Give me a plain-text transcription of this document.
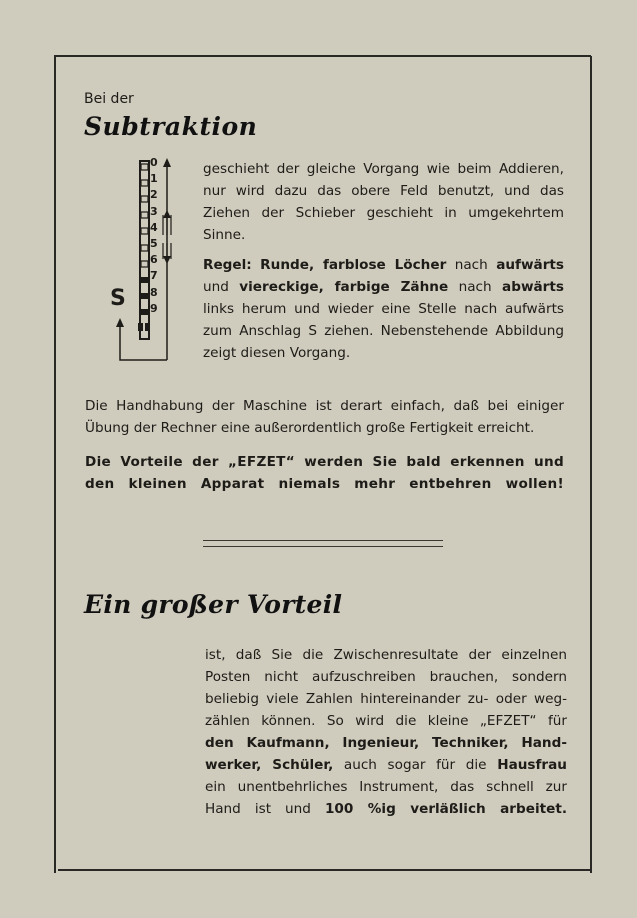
Bei der
Subtraktion
0
1
2
3
4
5
6
7
8
9
S
geschieht der gleiche Vorgang wie beim Addieren,
nur wird dazu das obere Feld benutzt, und das
Ziehen der Schieber geschieht in umgekehrtem
Sinne.
Regel: Runde, farblose Löcher nach aufwärts
und viereckige, farbige Zähne nach abwärts
links herum und wieder eine Stelle nach aufwärts
zum Anschlag S ziehen. Nebenstehende Abbildung
zeigt diesen Vorgang.
Die Handhabung der Maschine ist derart einfach, daß bei einiger
Übung der Rechner eine außerordentlich große Fertigkeit erreicht.
Die Vorteile der „EFZET“ werden Sie bald erkennen und
den kleinen Apparat niemals mehr entbehren wollen!
Ein großer Vorteil
ist, daß Sie die Zwischenresultate der einzelnen
Posten nicht aufzuschreiben brauchen, sondern
beliebig viele Zahlen hintereinander zu- oder weg-
zählen können. So wird die kleine „EFZET“ für
den Kaufmann, Ingenieur, Techniker, Hand-
werker, Schüler, auch sogar für die Hausfrau
ein unentbehrliches Instrument, das schnell zur
Hand ist und 100 %ig verläßlich arbeitet.
